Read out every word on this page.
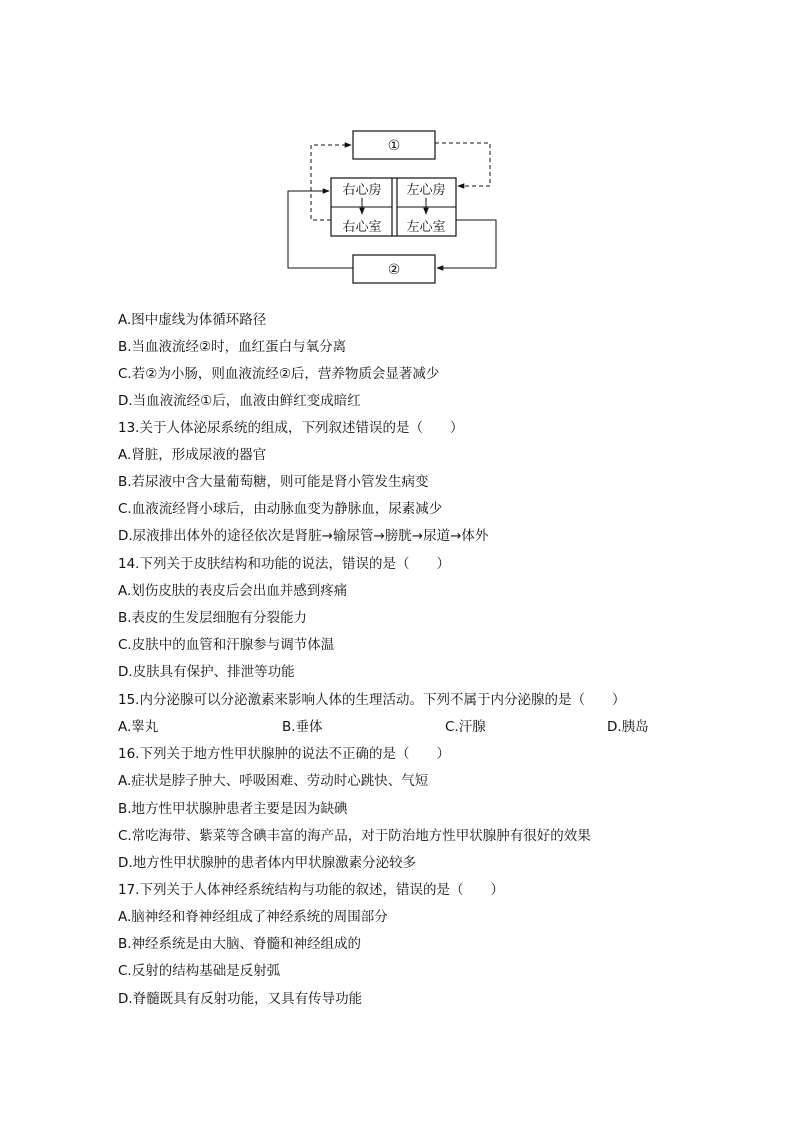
①
②
右心房
右心室
左心房
左心室
A.图中虚线为体循环路径
B.当血液流经②时，血红蛋白与氧分离
C.若②为小肠，则血液流经②后，营养物质会显著减少
D.当血液流经①后，血液由鲜红变成暗红
13.关于人体泌尿系统的组成，下列叙述错误的是（　　）
A.肾脏，形成尿液的器官
B.若尿液中含大量葡萄糖，则可能是肾小管发生病变
C.血液流经肾小球后，由动脉血变为静脉血，尿素减少
D.尿液排出体外的途径依次是肾脏→输尿管→膀胱→尿道→体外
14.下列关于皮肤结构和功能的说法，错误的是（　　）
A.划伤皮肤的表皮后会出血并感到疼痛
B.表皮的生发层细胞有分裂能力
C.皮肤中的血管和汗腺参与调节体温
D.皮肤具有保护、排泄等功能
15.内分泌腺可以分泌激素来影响人体的生理活动。下列不属于内分泌腺的是（　　）
A.睾丸	B.垂体	C.汗腺	D.胰岛
16.下列关于地方性甲状腺肿的说法不正确的是（　　）
A.症状是脖子肿大、呼吸困难、劳动时心跳快、气短
B.地方性甲状腺肿患者主要是因为缺碘
C.常吃海带、紫菜等含碘丰富的海产品，对于防治地方性甲状腺肿有很好的效果
D.地方性甲状腺肿的患者体内甲状腺激素分泌较多
17.下列关于人体神经系统结构与功能的叙述，错误的是（　　）
A.脑神经和脊神经组成了神经系统的周围部分
B.神经系统是由大脑、脊髓和神经组成的
C.反射的结构基础是反射弧
D.脊髓既具有反射功能，又具有传导功能
